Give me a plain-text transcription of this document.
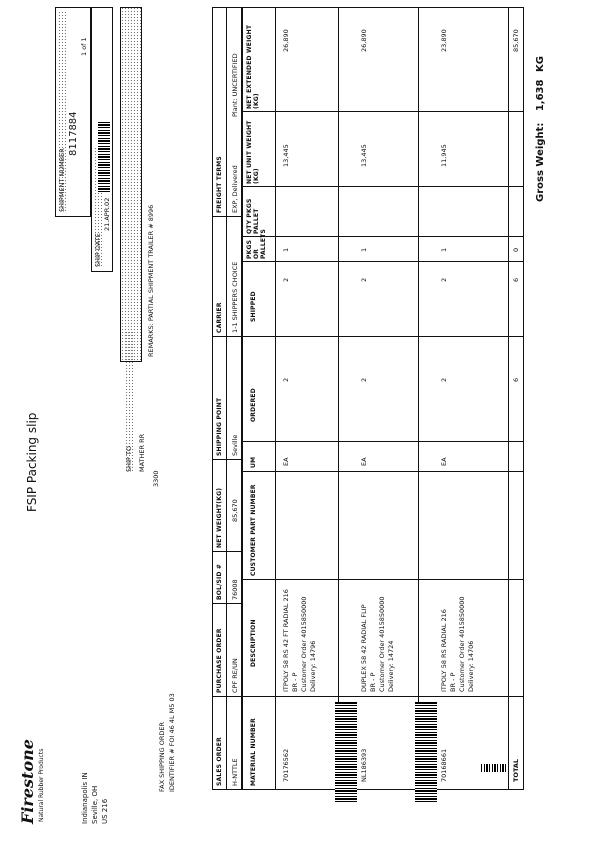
Firestone Natural Rubber Products	Indianapolis IN Seville, OH US 216
FSIP Packing slip
SHIPMENT NUMBER
8117884
1 of 1
SHIP DATE
21.APR.02
SHIP TO MATHER RR
FAX SHIPPING ORDER IDENTIFIER # FOI 46 4L M5 03
3300
REMARKS: PARTIAL SHIPMENT TRAILER # 8996
SALES ORDER
PURCHASE ORDER
BOL/SID #
NET WEIGHT(KG)
SHIPPING POINT
CARRIER
FREIGHT TERMS
H-NTTLE
CPF RE/UN
76008
85,670
Seville
1-1 SHIPPERS CHOICE
EXP, Delivered
Plant: UNCERTIFIED
MATERIAL NUMBER
DESCRIPTION
CUSTOMER PART NUMBER
UM
ORDERED
SHIPPED
PKGS OR PALLETS
QTY PKGS PALLET
NET UNIT WEIGHT (KG)
NET EXTENDED WEIGHT (KG)
70176562
ITPOLY 58 RS 42 FT RADIAL 216 BR - P Customer Order 4015850000 Delivery: 14796
EA
2
2
1
13,445
26,890
NL186393
DUPLEX 58 42 RADIAL FLIP BR - P Customer Order 4015850000 Delivery: 14724
EA
2
2
1
13,445
26,890
70168661
ITPOLY 58 RS RADIAL 216 BR - P Customer Order 4015850000 Delivery: 14706
EA
2
2
1
11,945
23,890
TOTAL
6
6
0
85,670
Gross Weight: 1,638 KG
